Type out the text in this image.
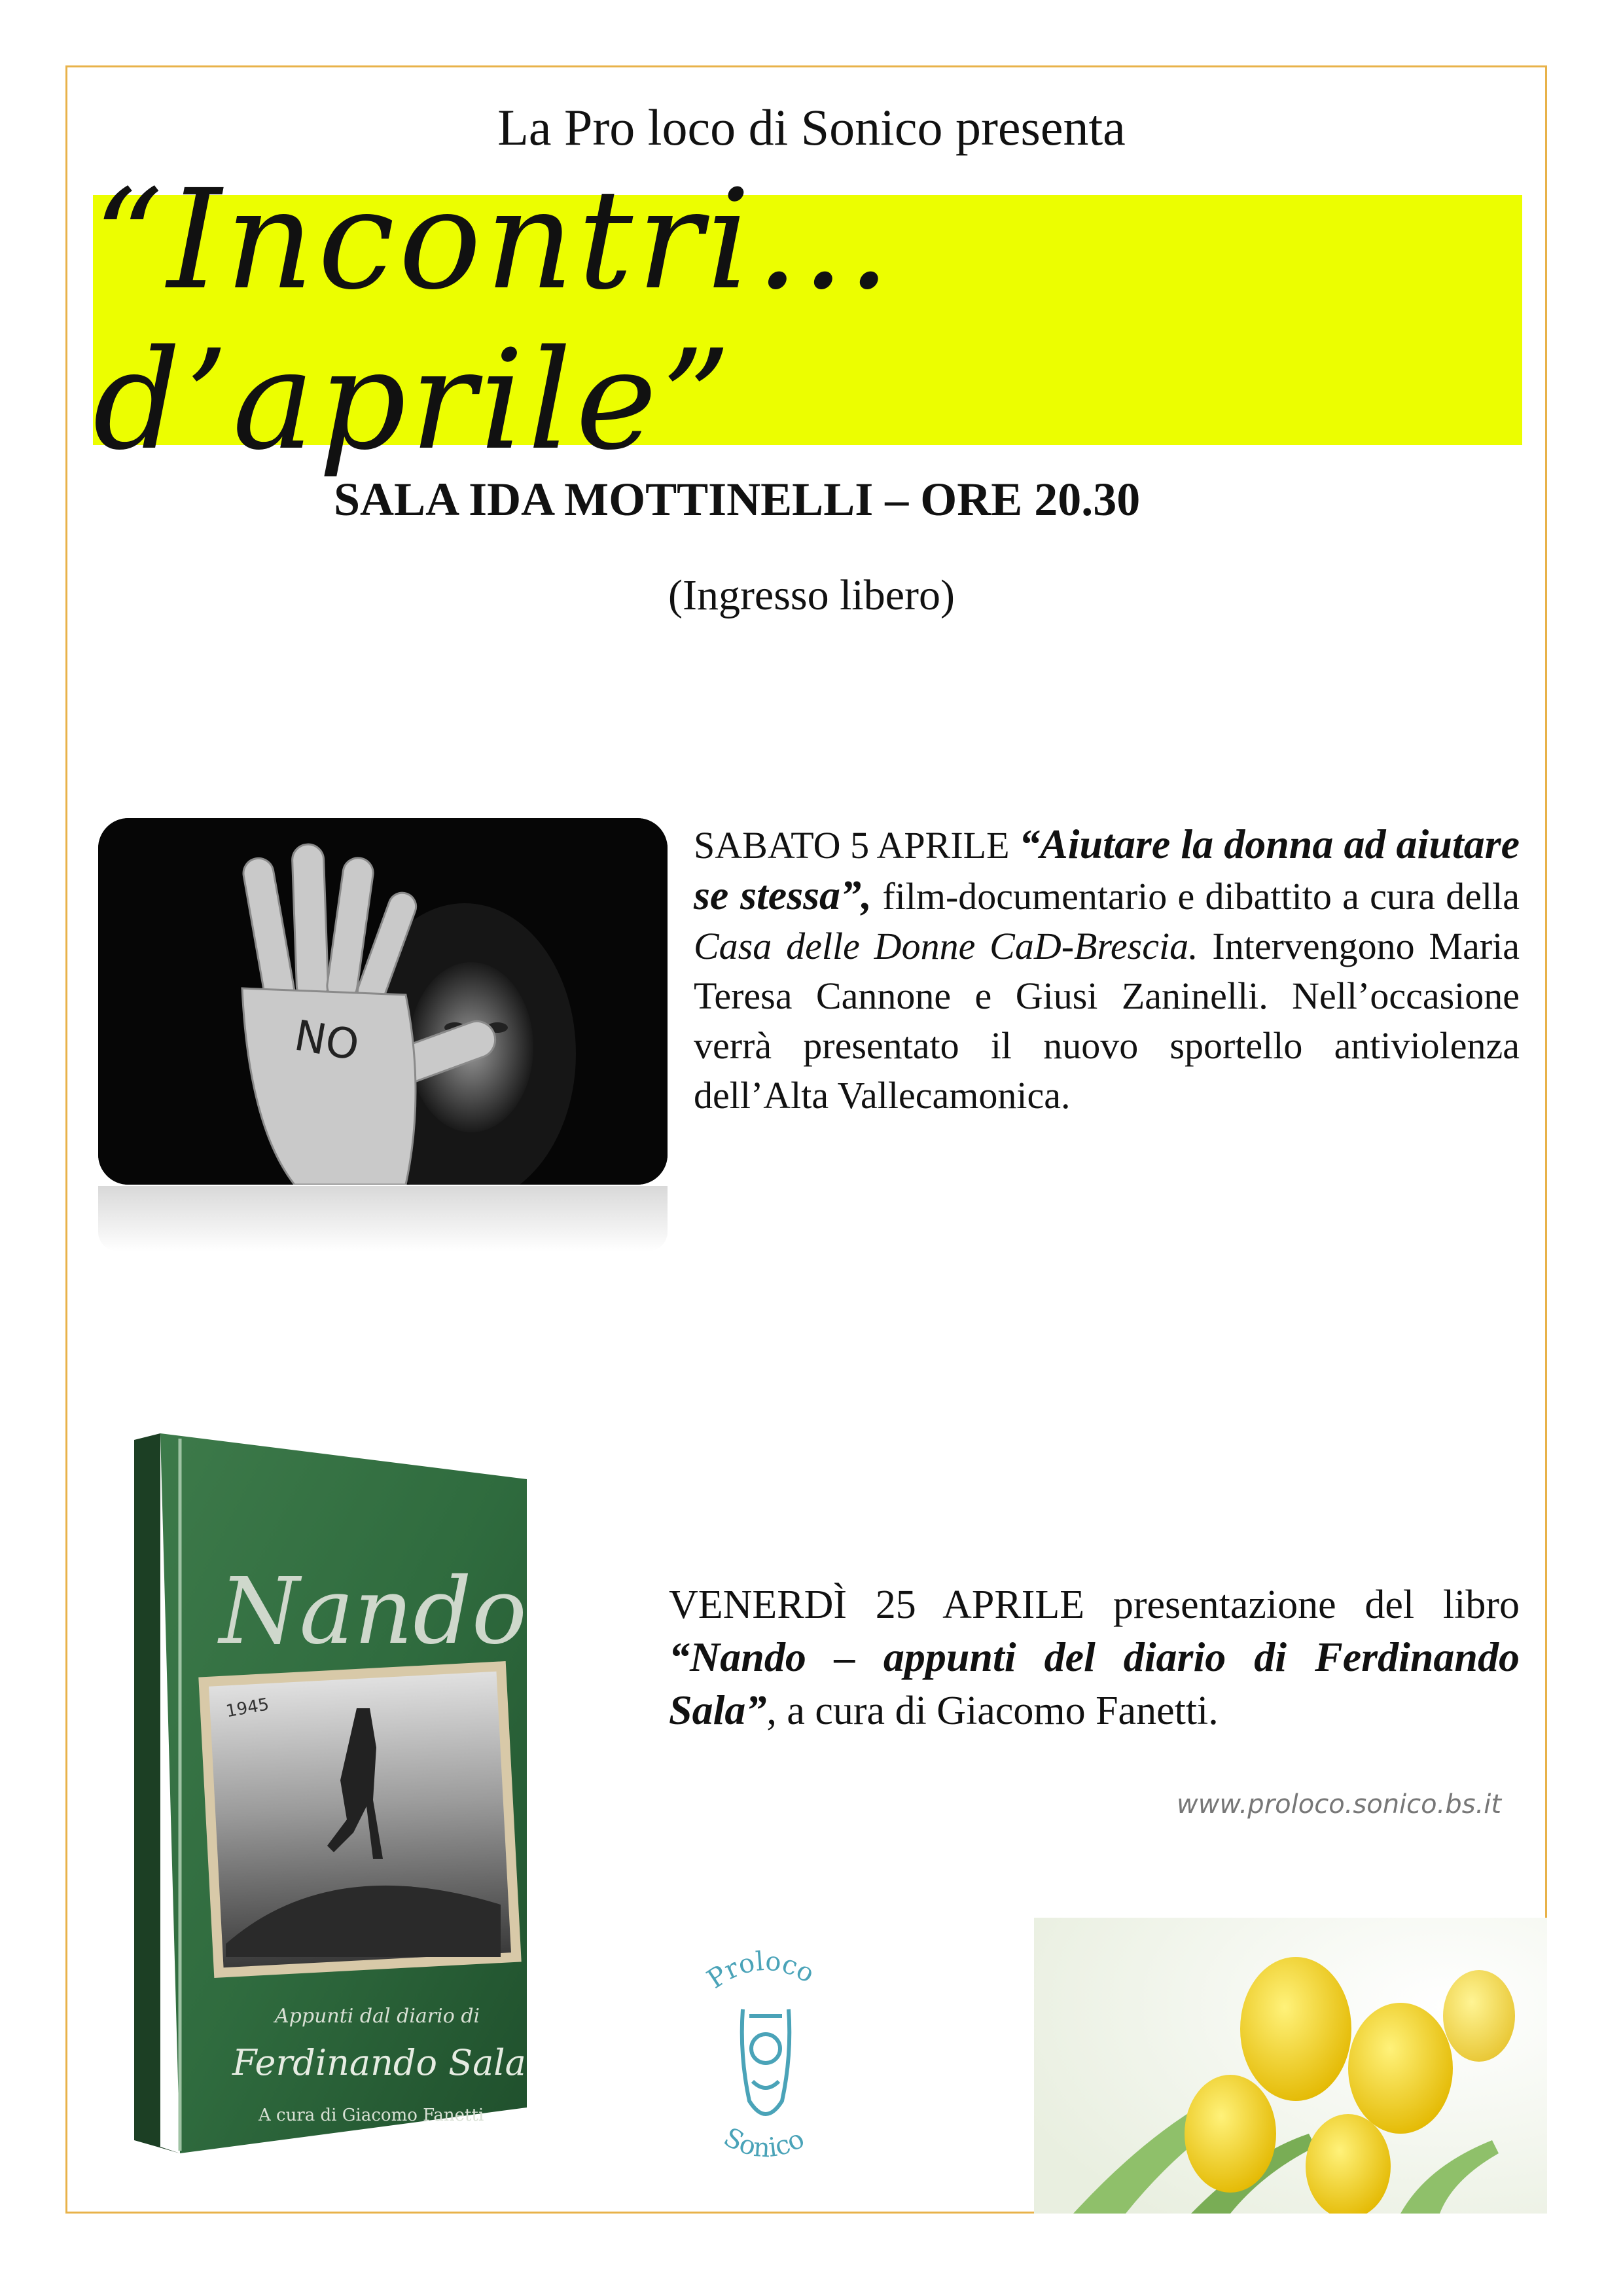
La Pro loco di Sonico presenta
“Incontri… d’aprile”
SALA IDA MOTTINELLI – ORE 20.30
(Ingresso libero)
NO
SABATO 5 APRILE “Aiutare la donna ad aiutare se stessa”, film-documentario e dibattito a cura della Casa delle Donne CaD-Brescia. Intervengono Maria Teresa Cannone e Giusi Zaninelli. Nell’occasione verrà presentato il nuovo sportello antiviolenza dell’Alta Vallecamonica.
Nando
1945
Appunti dal diario di
Ferdinando Sala
A cura di Giacomo Fanetti
VENERDÌ 25 APRILE presentazione del libro “Nando – appunti del diario di Ferdinando Sala”, a cura di Giacomo Fanetti.
www.proloco.sonico.bs.it
Proloco
Sonico
